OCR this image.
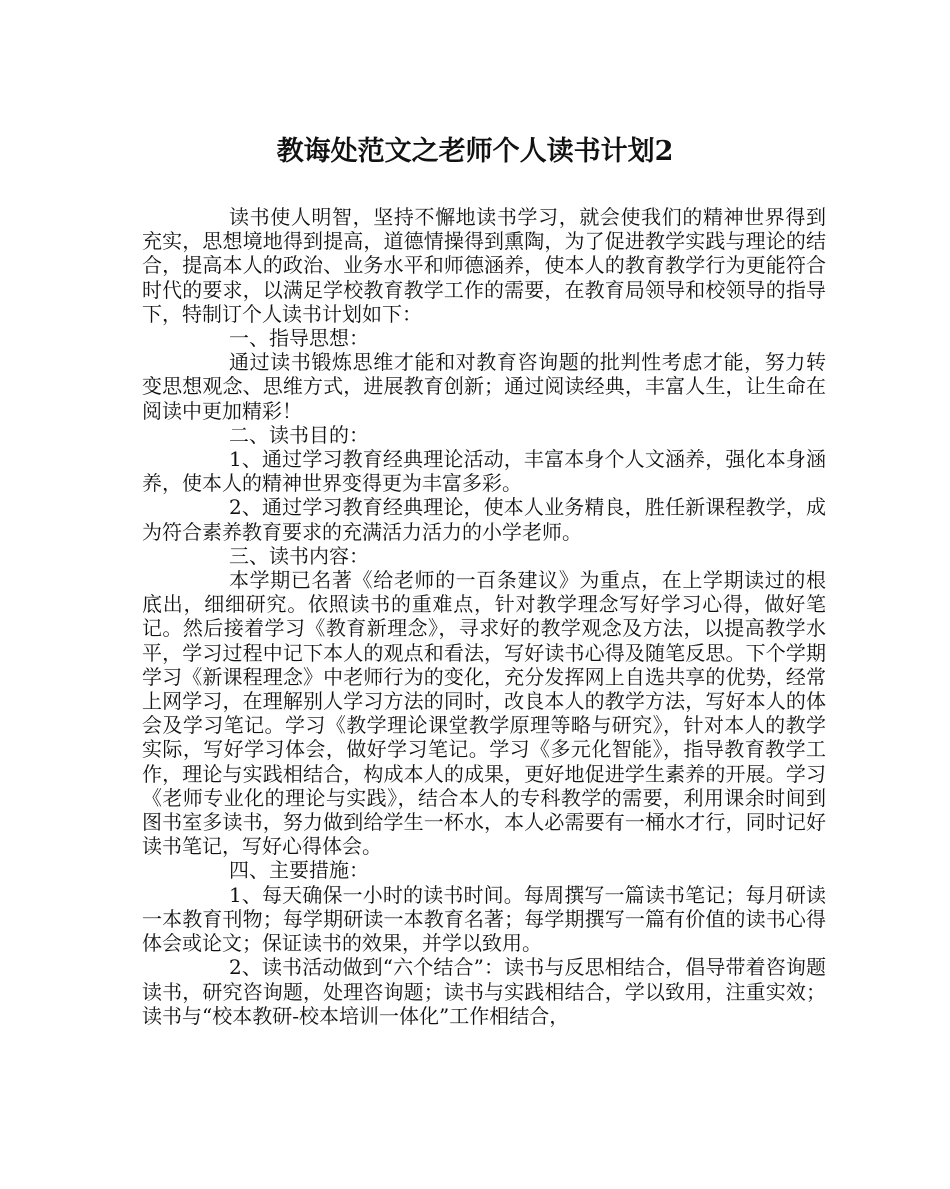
教诲处范文之老师个人读书计划2

读书使人明智，坚持不懈地读书学习，就会使我们的精神世界得到充实，思想境地得到提高，道德情操得到熏陶，为了促进教学实践与理论的结合，提高本人的政治、业务水平和师德涵养，使本人的教育教学行为更能符合时代的要求，以满足学校教育教学工作的需要，在教育局领导和校领导的指导下，特制订个人读书计划如下：

一、指导思想：

通过读书锻炼思维才能和对教育咨询题的批判性考虑才能，努力转变思想观念、思维方式，进展教育创新；通过阅读经典，丰富人生，让生命在阅读中更加精彩！

二、读书目的：

1、通过学习教育经典理论活动，丰富本身个人文涵养，强化本身涵养，使本人的精神世界变得更为丰富多彩。

2、通过学习教育经典理论，使本人业务精良，胜任新课程教学，成为符合素养教育要求的充满活力活力的小学老师。

三、读书内容：

本学期已名著《给老师的一百条建议》为重点，在上学期读过的根底出，细细研究。依照读书的重难点，针对教学理念写好学习心得，做好笔记。然后接着学习《教育新理念》，寻求好的教学观念及方法，以提高教学水平，学习过程中记下本人的观点和看法，写好读书心得及随笔反思。下个学期学习《新课程理念》中老师行为的变化，充分发挥网上自选共享的优势，经常上网学习，在理解别人学习方法的同时，改良本人的教学方法，写好本人的体会及学习笔记。学习《教学理论课堂教学原理等略与研究》，针对本人的教学实际，写好学习体会，做好学习笔记。学习《多元化智能》，指导教育教学工作，理论与实践相结合，构成本人的成果，更好地促进学生素养的开展。学习《老师专业化的理论与实践》，结合本人的专科教学的需要，利用课余时间到图书室多读书，努力做到给学生一杯水，本人必需要有一桶水才行，同时记好读书笔记，写好心得体会。

四、主要措施：

1、每天确保一小时的读书时间。每周撰写一篇读书笔记；每月研读一本教育刊物；每学期研读一本教育名著；每学期撰写一篇有价值的读书心得体会或论文；保证读书的效果，并学以致用。

2、读书活动做到“六个结合”：读书与反思相结合，倡导带着咨询题读书，研究咨询题，处理咨询题；读书与实践相结合，学以致用，注重实效；读书与“校本教研-校本培训一体化”工作相结合，
